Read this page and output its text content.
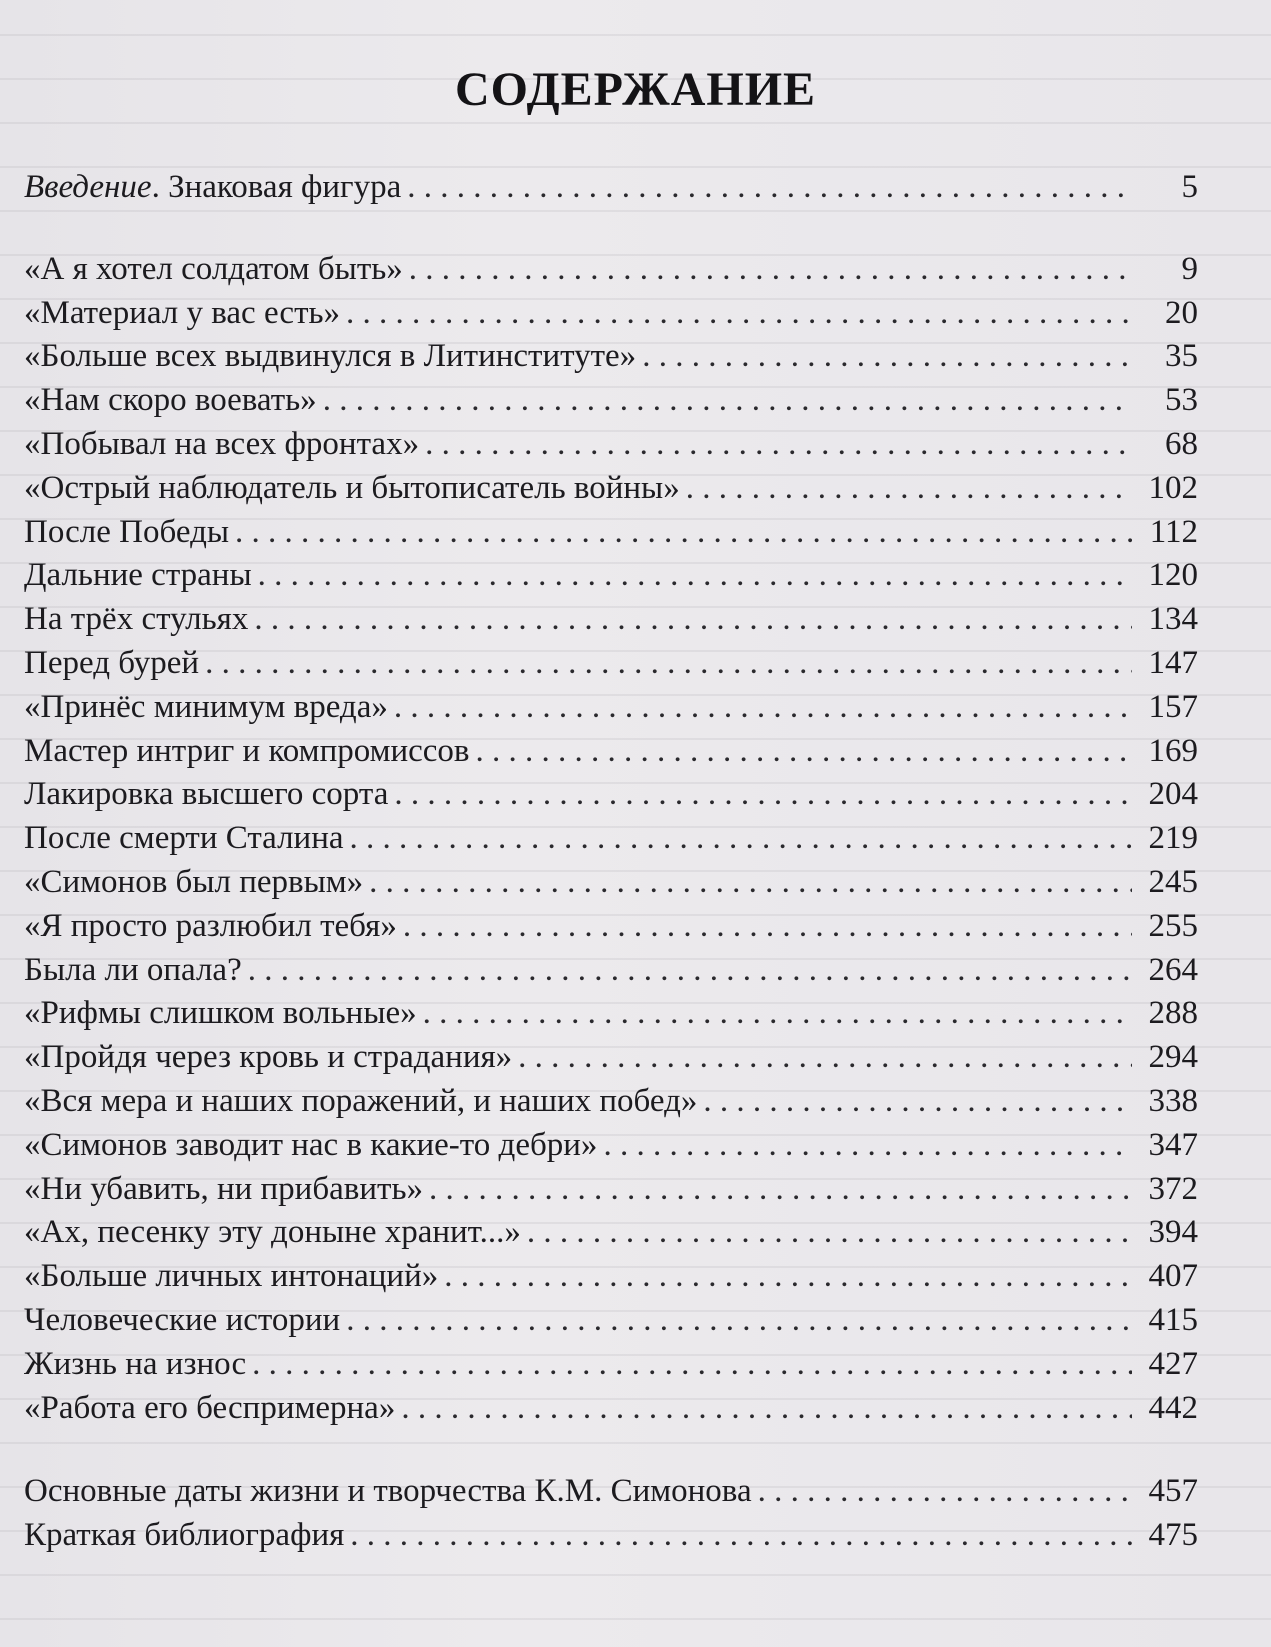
СОДЕРЖАНИЕ
Введение. Знаковая фигура . . .	5
«А я хотел солдатом быть» . . .	9
«Материал у вас есть» . . .	20
«Больше всех выдвинулся в Литинституте» . . .	35
«Нам скоро воевать» . . .	53
«Побывал на всех фронтах» . . .	68
«Острый наблюдатель и бытописатель войны» . . .	102
После Победы . . .	112
Дальние страны . . .	120
На трёх стульях . . .	134
Перед бурей . . .	147
«Принёс минимум вреда» . . .	157
Мастер интриг и компромиссов . . .	169
Лакировка высшего сорта . . .	204
После смерти Сталина . . .	219
«Симонов был первым» . . .	245
«Я просто разлюбил тебя» . . .	255
Была ли опала? . . .	264
«Рифмы слишком вольные» . . .	288
«Пройдя через кровь и страдания» . . .	294
«Вся мера и наших поражений, и наших побед» . . .	338
«Симонов заводит нас в какие-то дебри» . . .	347
«Ни убавить, ни прибавить» . . .	372
«Ах, песенку эту доныне хранит...» . . .	394
«Больше личных интонаций» . . .	407
Человеческие истории . . .	415
Жизнь на износ . . .	427
«Работа его беспримерна» . . .	442
Основные даты жизни и творчества К.М. Симонова . . .	457
Краткая библиография . . .	475
